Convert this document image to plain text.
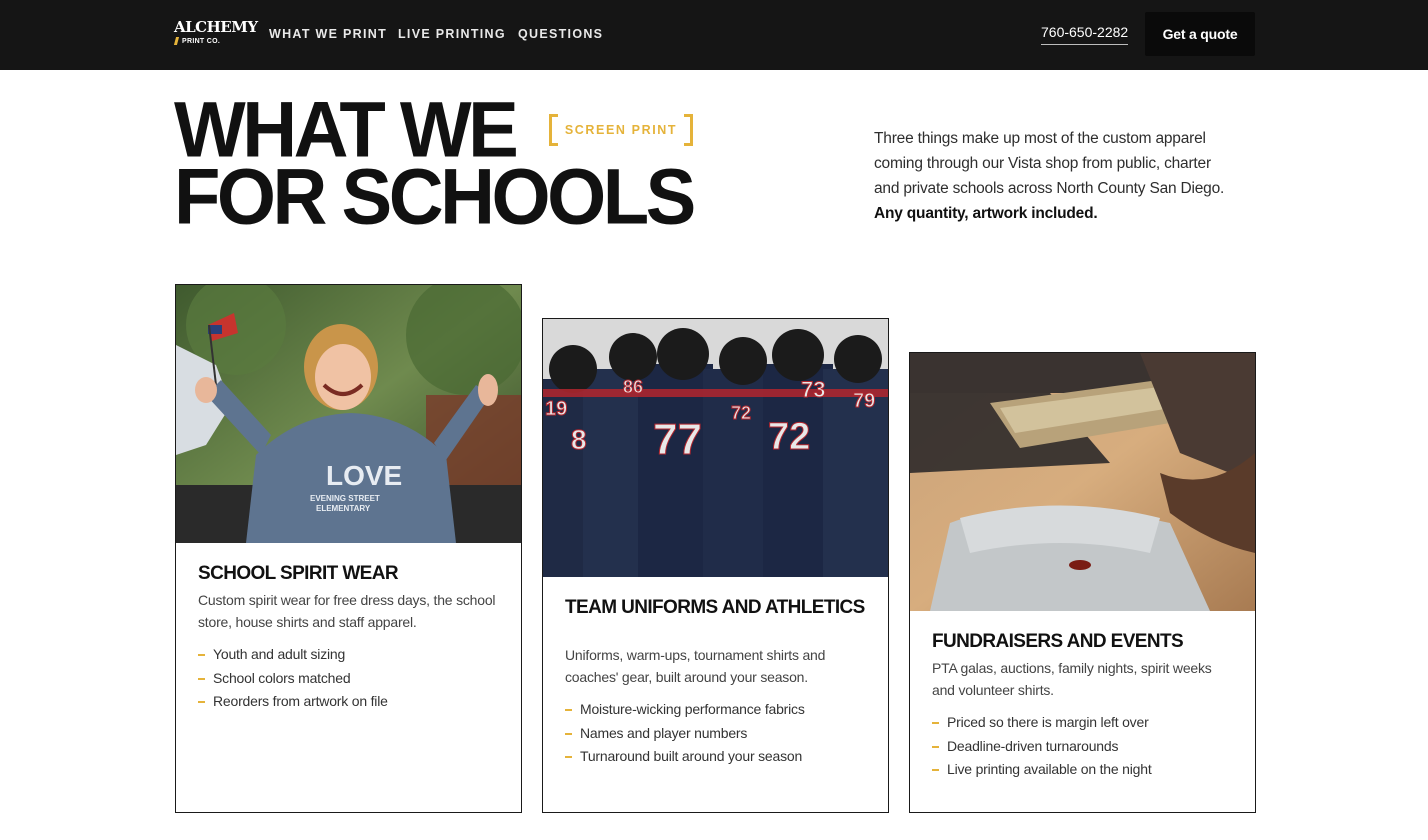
ALCHEMY
PRINT CO.
WHAT WE PRINT LIVE PRINTING QUESTIONS	760-650-2282	Get a quote
WHAT WE	SCREEN PRINT
FOR SCHOOLS

Three things make up most of the custom apparel coming through our Vista shop from public, charter and private schools across North County San Diego. Any quantity, artwork included.

LOVE
EVENING STREET
ELEMENTARY
SCHOOL SPIRIT WEAR

Custom spirit wear for free dress days, the school store, house shirts and staff apparel.

Youth and adult sizing
School colors matched
Reorders from artwork on file
19
8
86
77
72
72
73 79
TEAM UNIFORMS AND ATHLETICS

Uniforms, warm-ups, tournament shirts and coaches' gear, built around your season.

Moisture-wicking performance fabrics
Names and player numbers
Turnaround built around your season
FUNDRAISERS AND EVENTS

PTA galas, auctions, family nights, spirit weeks and volunteer shirts.

Priced so there is margin left over
Deadline-driven turnarounds
Live printing available on the night
